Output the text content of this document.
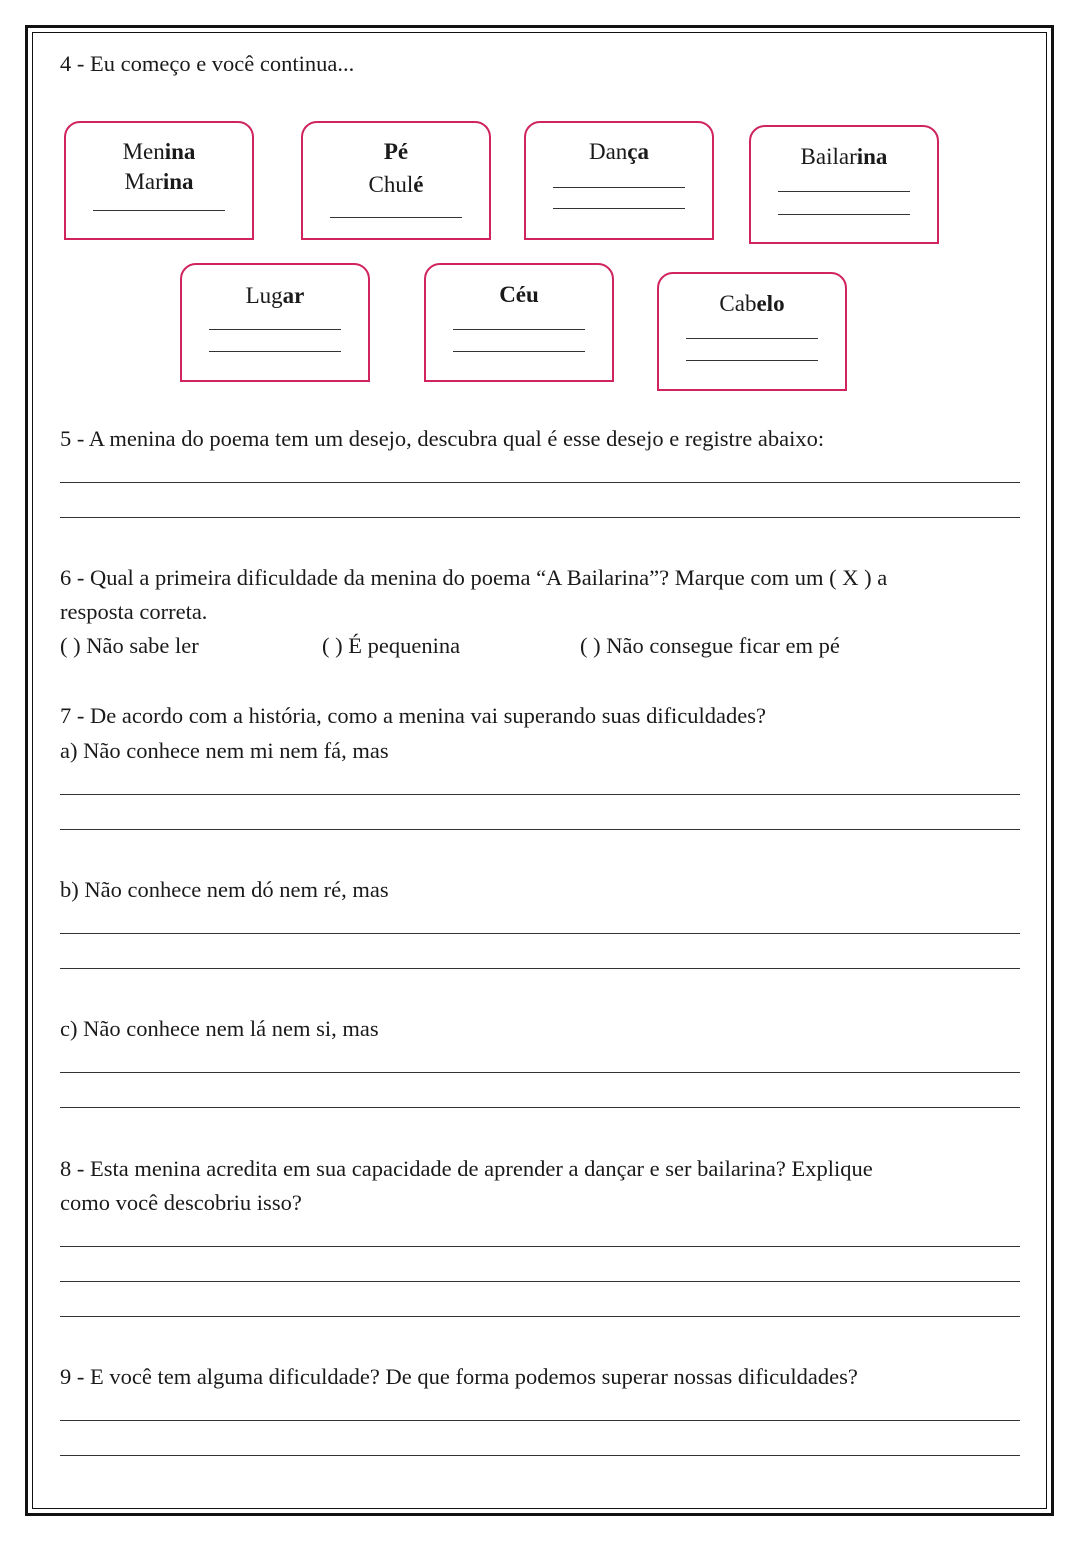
4 - Eu começo e você continua...
Menina
Marina
Pé
Chulé
Dança	Bailarina
Lugar	Céu	Cabelo
5 - A menina do poema tem um desejo, descubra qual é esse desejo e registre abaixo:
6 - Qual a primeira dificuldade da menina do poema “A Bailarina”? Marque com um ( X ) a
resposta correta.
( ) Não sabe ler	( ) É pequenina	( ) Não consegue ficar em pé
7 - De acordo com a história, como a menina vai superando suas dificuldades?
a) Não conhece nem mi nem fá, mas
b) Não conhece nem dó nem ré, mas
c) Não conhece nem lá nem si, mas
8 - Esta menina acredita em sua capacidade de aprender a dançar e ser bailarina? Explique
como você descobriu isso?
9 - E você tem alguma dificuldade? De que forma podemos superar nossas dificuldades?
